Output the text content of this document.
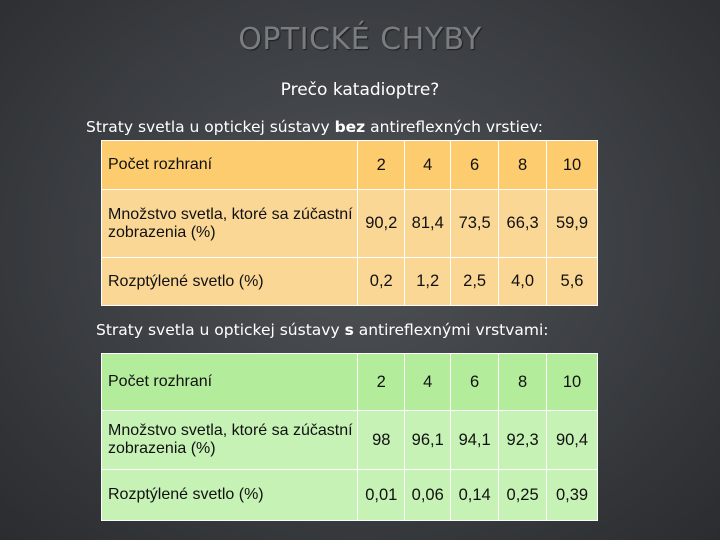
OPTICKÉ CHYBY
Prečo katadioptre?
Straty svetla u optickej sústavy bez antireflexných vrstiev:
Počet rozhraní	2	4	6	8	10
Množstvo svetla, ktoré sa zúčastní zobrazenia (%)	90,2	81,4	73,5	66,3	59,9
Rozptýlené svetlo (%)	0,2	1,2	2,5	4,0	5,6
Straty svetla u optickej sústavy s antireflexnými vrstvami:
Počet rozhraní	2	4	6	8	10
Množstvo svetla, ktoré sa zúčastní zobrazenia (%)	98	96,1	94,1	92,3	90,4
Rozptýlené svetlo (%)	0,01	0,06	0,14	0,25	0,39
